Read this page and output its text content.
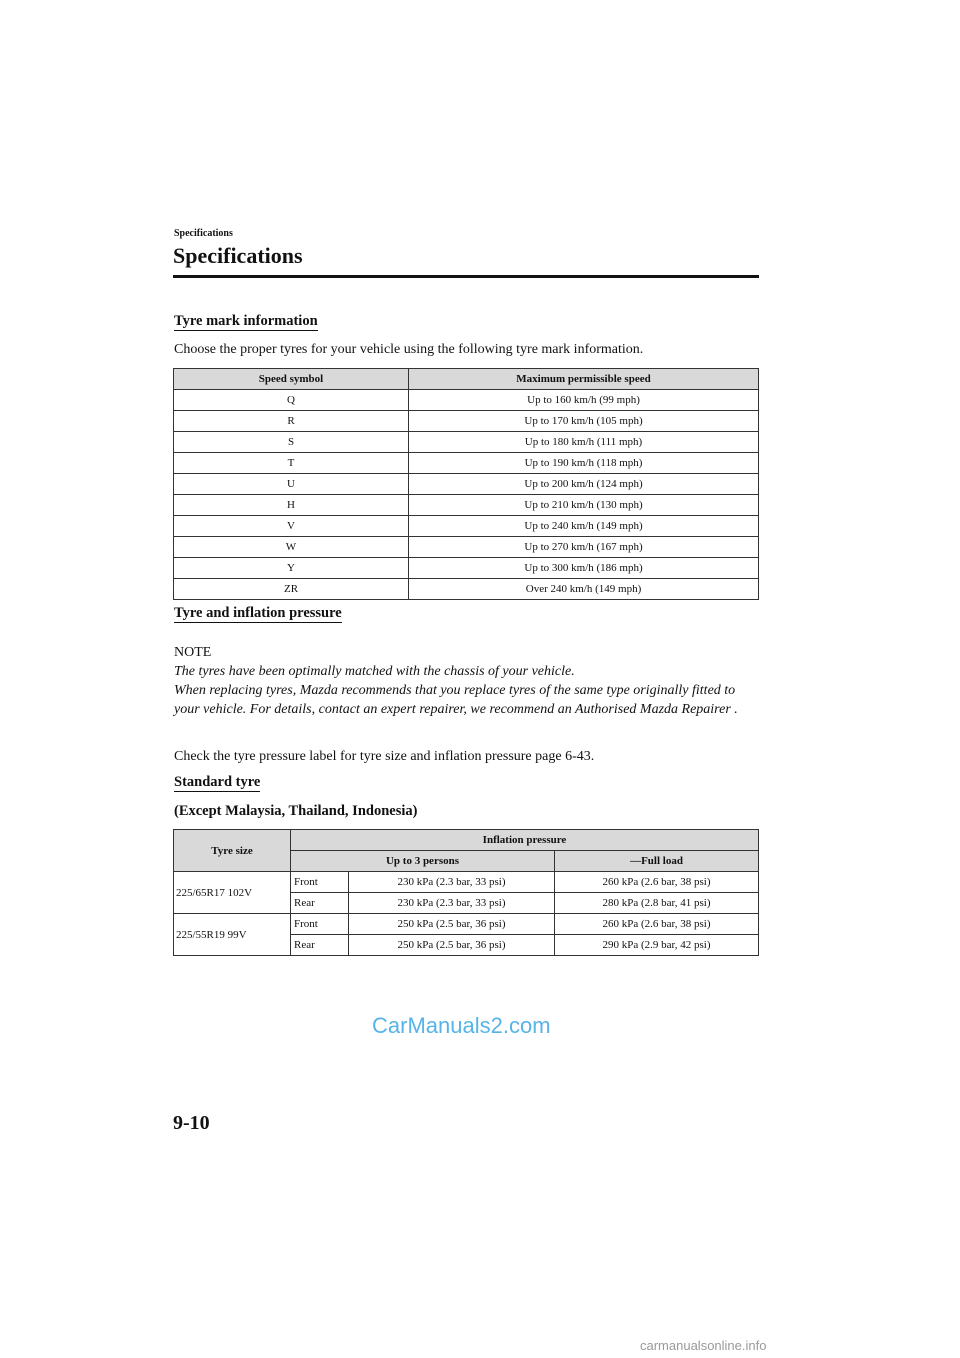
Specifications
Specifications
Tyre mark information
Choose the proper tyres for your vehicle using the following tyre mark information.
Speed symbol	Maximum permissible speed
Q	Up to 160 km/h (99 mph)
R	Up to 170 km/h (105 mph)
S	Up to 180 km/h (111 mph)
T	Up to 190 km/h (118 mph)
U	Up to 200 km/h (124 mph)
H	Up to 210 km/h (130 mph)
V	Up to 240 km/h (149 mph)
W	Up to 270 km/h (167 mph)
Y	Up to 300 km/h (186 mph)
ZR	Over 240 km/h (149 mph)
Tyre and inflation pressure
NOTE
The tyres have been optimally matched with the chassis of your vehicle.
When replacing tyres, Mazda recommends that you replace tyres of the same type originally fitted to your vehicle. For details, contact an expert repairer, we recommend an Authorised Mazda Repairer .
Check the tyre pressure label for tyre size and inflation pressure page 6-43.
Standard tyre
(Except Malaysia, Thailand, Indonesia)
Tyre size	Inflation pressure		
	Up to 3 persons		—Full load
225/65R17 102V	Front	230 kPa (2.3 bar, 33 psi)	260 kPa (2.6 bar, 38 psi)
	Rear	230 kPa (2.3 bar, 33 psi)	280 kPa (2.8 bar, 41 psi)
225/55R19 99V	Front	250 kPa (2.5 bar, 36 psi)	260 kPa (2.6 bar, 38 psi)
	Rear	250 kPa (2.5 bar, 36 psi)	290 kPa (2.9 bar, 42 psi)
CarManuals2.com
9-10
carmanualsonline.info
